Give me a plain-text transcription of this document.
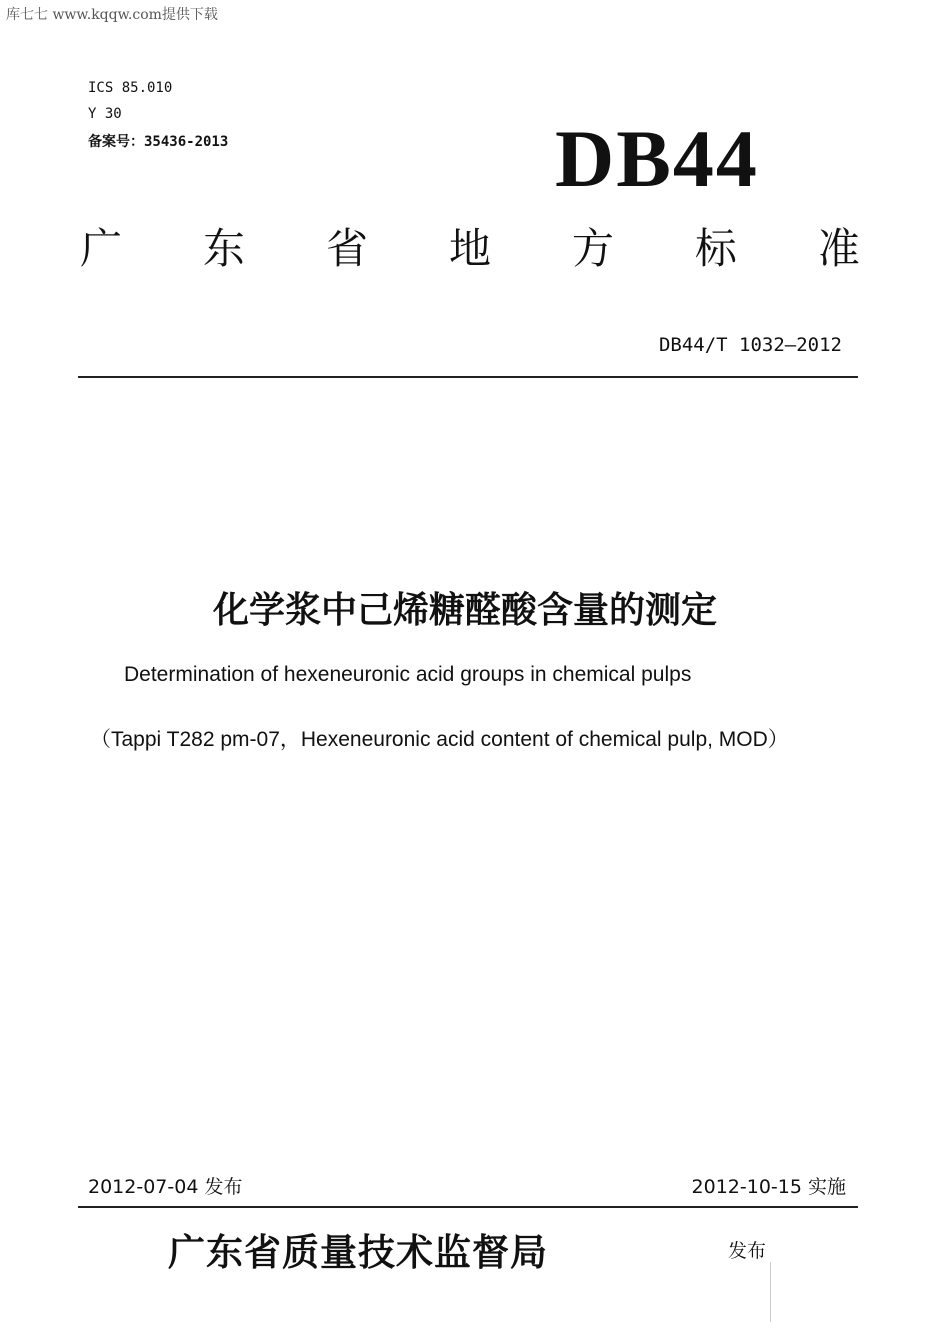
库七七 www.kqqw.com提供下载
ICS 85.010
Y 30
备案号：35436-2013	DB44
广 东 省 地 方 标 准
DB44/T 1032—2012
化学浆中己烯糖醛酸含量的测定
Determination of hexeneuronic acid groups in chemical pulps
（Tappi T282 pm-07，Hexeneuronic acid content of chemical pulp, MOD）
2012-07-04 发布	2012-10-15 实施
广东省质量技术监督局	发布
